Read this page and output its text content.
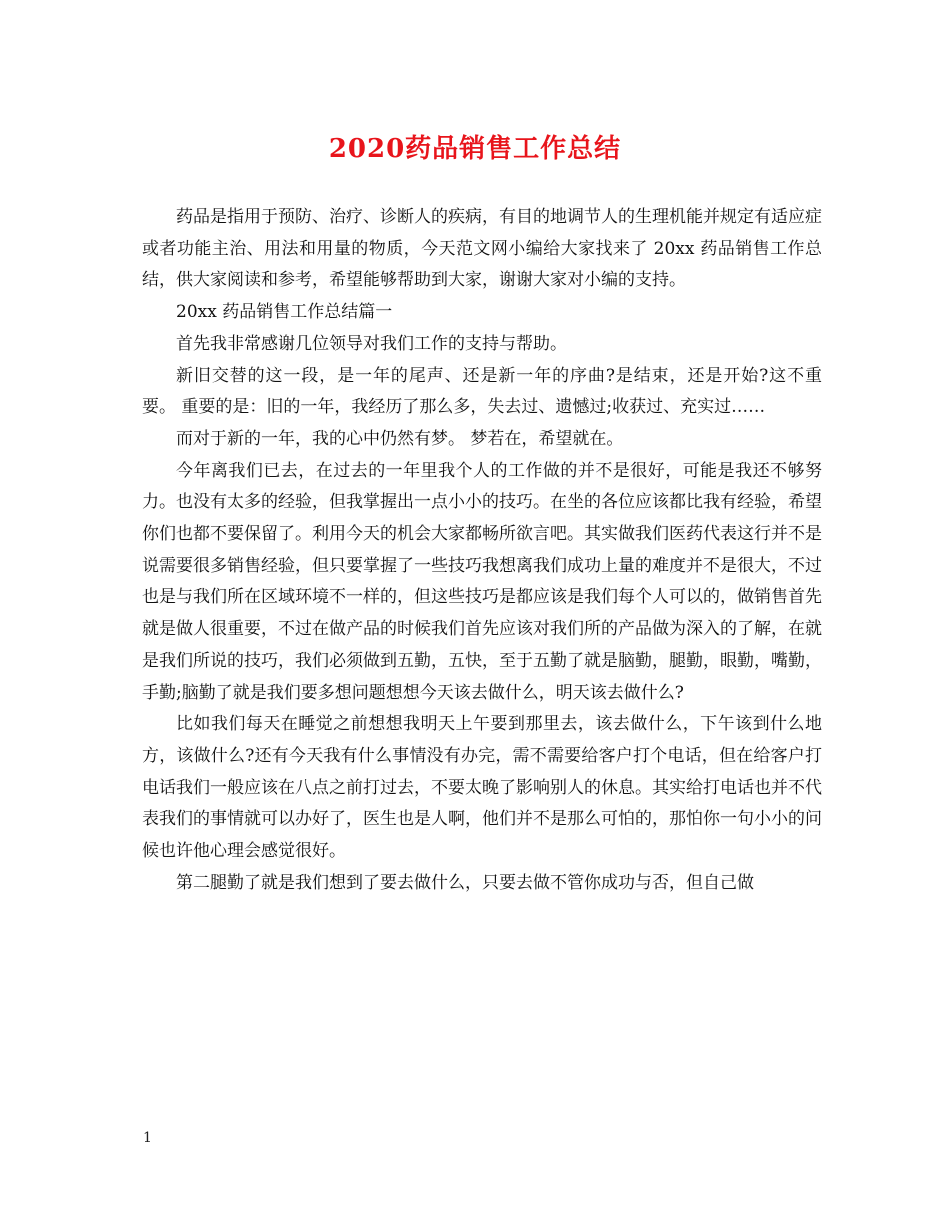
2020药品销售工作总结

药品是指用于预防、治疗、诊断人的疾病，有目的地调节人的生理机能并规定有适应症或者功能主治、用法和用量的物质，今天范文网小编给大家找来了 20xx 药品销售工作总结，供大家阅读和参考，希望能够帮助到大家，谢谢大家对小编的支持。

20xx 药品销售工作总结篇一

首先我非常感谢几位领导对我们工作的支持与帮助。

新旧交替的这一段，是一年的尾声、还是新一年的序曲?是结束，还是开始?这不重要。 重要的是：旧的一年，我经历了那么多，失去过、遗憾过;收获过、充实过……

而对于新的一年，我的心中仍然有梦。 梦若在，希望就在。

今年离我们已去，在过去的一年里我个人的工作做的并不是很好，可能是我还不够努力。也没有太多的经验，但我掌握出一点小小的技巧。在坐的各位应该都比我有经验，希望你们也都不要保留了。利用今天的机会大家都畅所欲言吧。其实做我们医药代表这行并不是说需要很多销售经验，但只要掌握了一些技巧我想离我们成功上量的难度并不是很大，不过也是与我们所在区域环境不一样的，但这些技巧是都应该是我们每个人可以的，做销售首先就是做人很重要，不过在做产品的时候我们首先应该对我们所的产品做为深入的了解，在就是我们所说的技巧，我们必须做到五勤，五快，至于五勤了就是脑勤，腿勤，眼勤，嘴勤，手勤;脑勤了就是我们要多想问题想想今天该去做什么，明天该去做什么?

比如我们每天在睡觉之前想想我明天上午要到那里去，该去做什么，下午该到什么地方，该做什么?还有今天我有什么事情没有办完，需不需要给客户打个电话，但在给客户打电话我们一般应该在八点之前打过去，不要太晚了影响别人的休息。其实给打电话也并不代表我们的事情就可以办好了，医生也是人啊，他们并不是那么可怕的，那怕你一句小小的问候也许他心理会感觉很好。

第二腿勤了就是我们想到了要去做什么，只要去做不管你成功与否，但自己做

1
